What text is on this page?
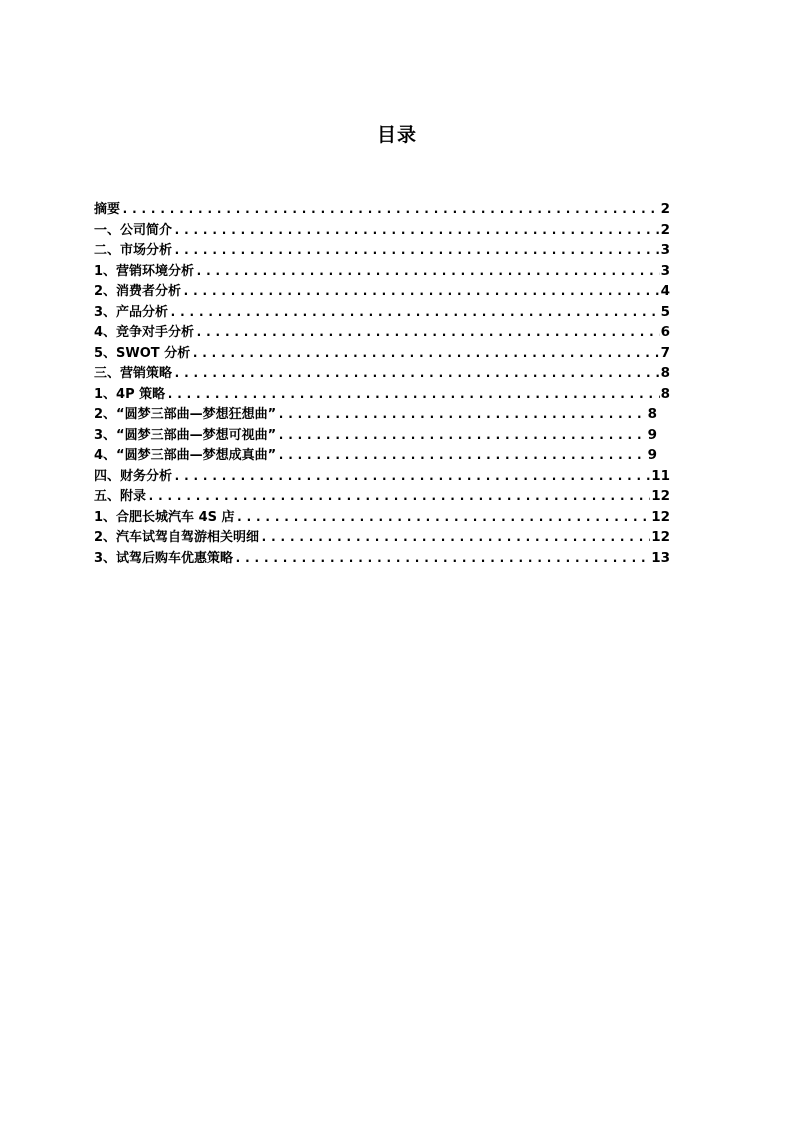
目录
摘要 .....	2
一、公司简介 .....	2
二、市场分析 .....	3
1、营销环境分析 .....	3
2、消费者分析 .....	4
3、产品分析 .....	5
4、竞争对手分析 .....	6
5、SWOT 分析 .....	7
三、营销策略 .....	8
1、4P 策略 .....	8
2、“圆梦三部曲—梦想狂想曲” .....	8
3、“圆梦三部曲—梦想可视曲” .....	9
4、“圆梦三部曲—梦想成真曲” .....	9
四、财务分析 .....	11
五、附录 .....	12
1、合肥长城汽车 4S 店 .....	12
2、汽车试驾自驾游相关明细 .....	12
3、试驾后购车优惠策略 .....	13
